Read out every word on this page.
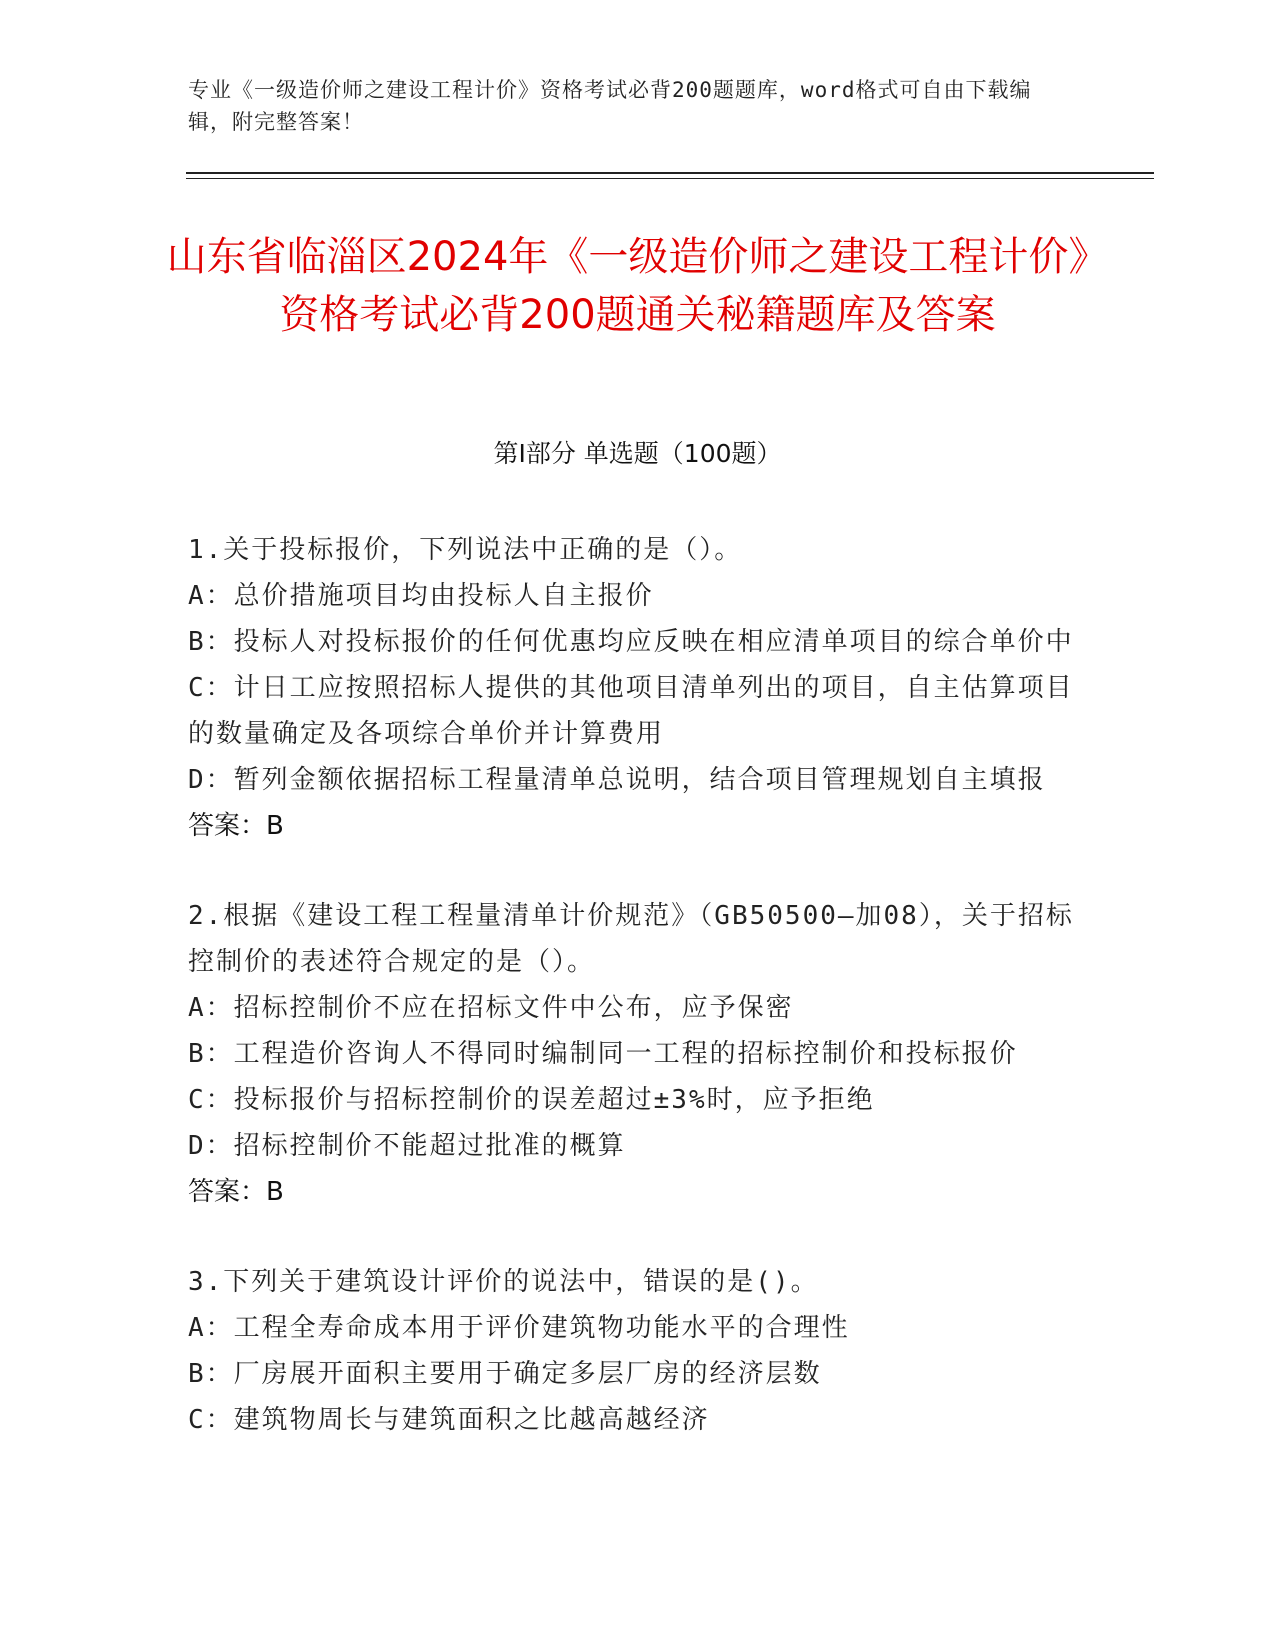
专业《一级造价师之建设工程计价》资格考试必背200题题库，word格式可自由下载编辑，附完整答案！
山东省临淄区2024年《一级造价师之建设工程计价》资格考试必背200题通关秘籍题库及答案
第Ⅰ部分 单选题（100题）
1.关于投标报价，下列说法中正确的是（）。
A：总价措施项目均由投标人自主报价
B：投标人对投标报价的任何优惠均应反映在相应清单项目的综合单价中
C：计日工应按照招标人提供的其他项目清单列出的项目，自主估算项目的数量确定及各项综合单价并计算费用
D：暂列金额依据招标工程量清单总说明，结合项目管理规划自主填报
答案：B
2.根据《建设工程工程量清单计价规范》（GB50500—加08），关于招标控制价的表述符合规定的是（）。
A：招标控制价不应在招标文件中公布，应予保密
B：工程造价咨询人不得同时编制同一工程的招标控制价和投标报价
C：投标报价与招标控制价的误差超过±3%时，应予拒绝
D：招标控制价不能超过批准的概算
答案：B
3.下列关于建筑设计评价的说法中，错误的是()。
A：工程全寿命成本用于评价建筑物功能水平的合理性
B：厂房展开面积主要用于确定多层厂房的经济层数
C：建筑物周长与建筑面积之比越高越经济
